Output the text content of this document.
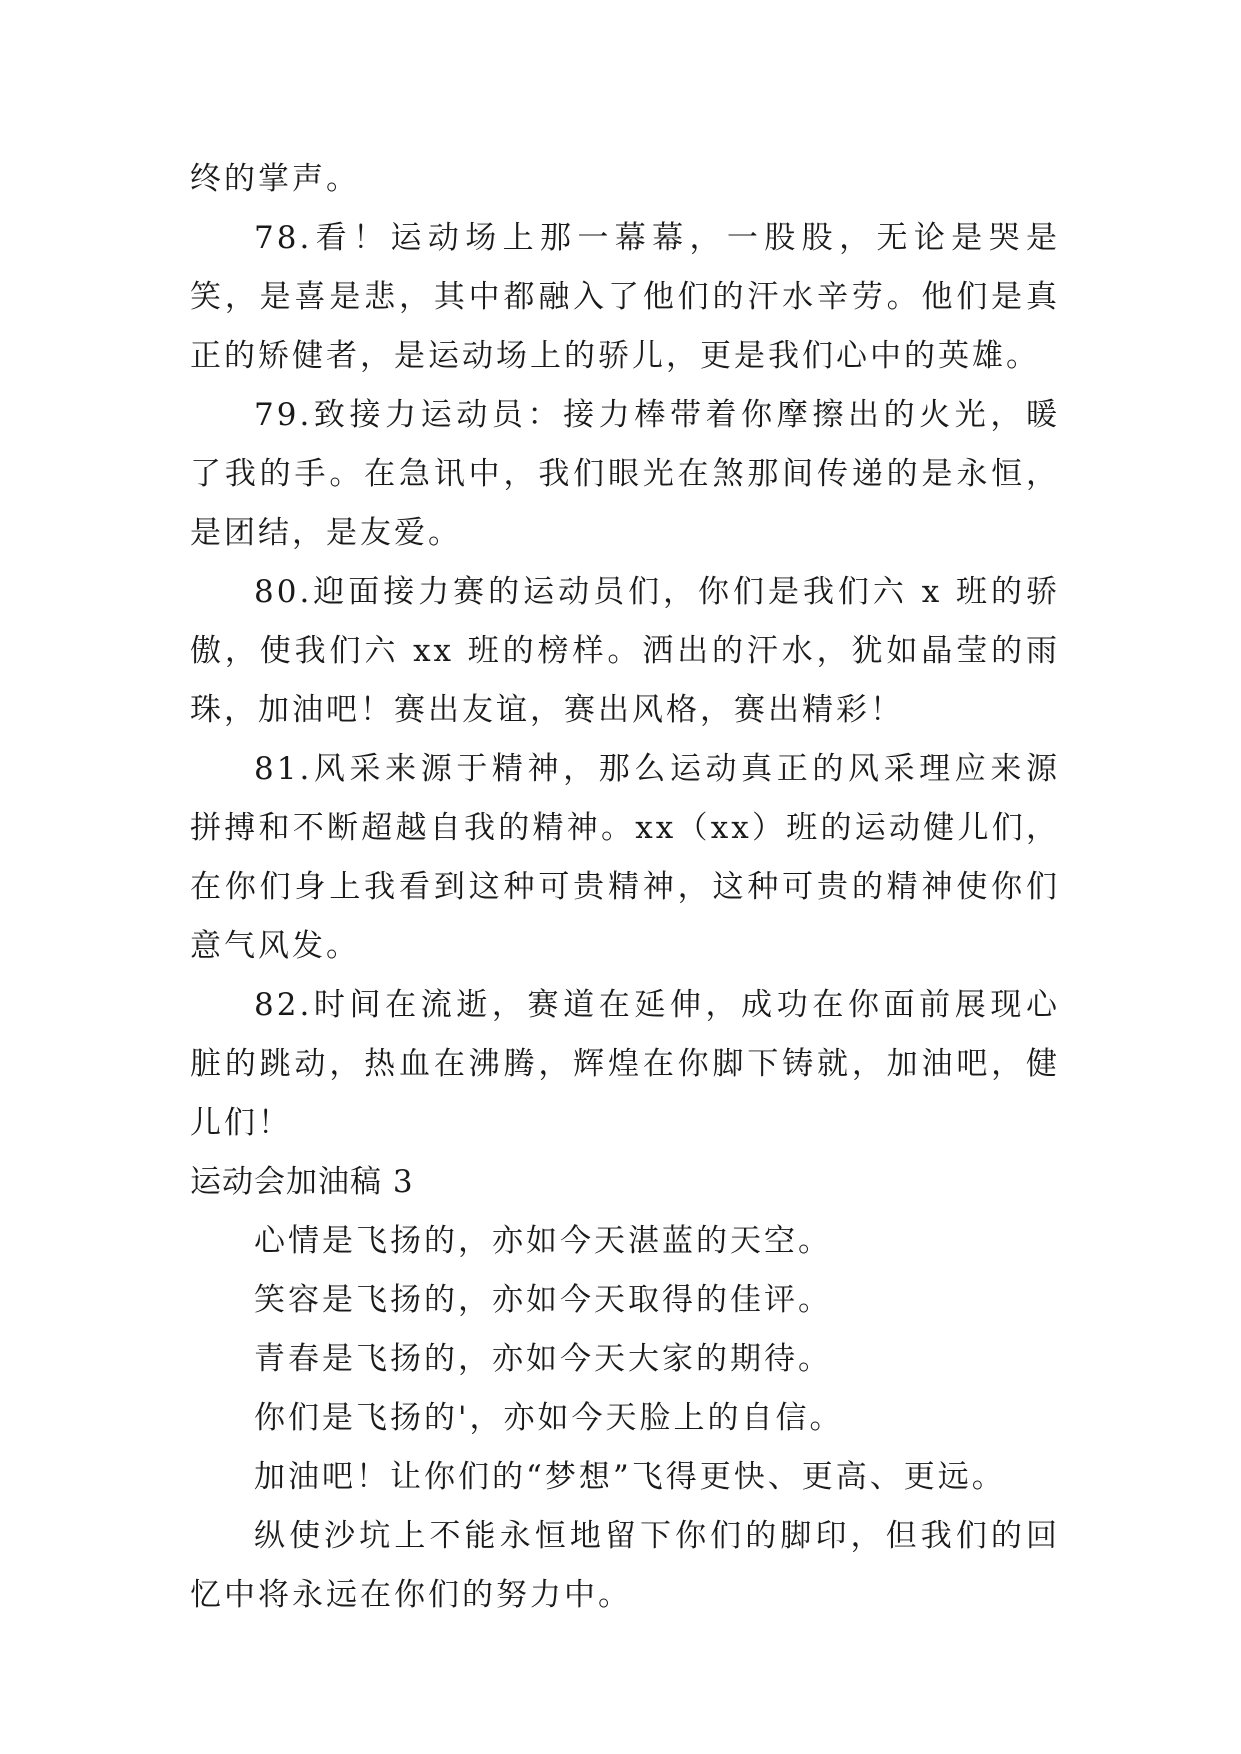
终的掌声。

78.看！运动场上那一幕幕，一股股，无论是哭是笑，是喜是悲，其中都融入了他们的汗水辛劳。他们是真正的矫健者，是运动场上的骄儿，更是我们心中的英雄。

79.致接力运动员：接力棒带着你摩擦出的火光，暖了我的手。在急讯中，我们眼光在煞那间传递的是永恒，是团结，是友爱。

80.迎面接力赛的运动员们，你们是我们六 x 班的骄傲，使我们六 xx 班的榜样。洒出的汗水，犹如晶莹的雨珠，加油吧！赛出友谊，赛出风格，赛出精彩！

81.风采来源于精神，那么运动真正的风采理应来源拼搏和不断超越自我的精神。xx（xx）班的运动健儿们，在你们身上我看到这种可贵精神，这种可贵的精神使你们意气风发。

82.时间在流逝，赛道在延伸，成功在你面前展现心脏的跳动，热血在沸腾，辉煌在你脚下铸就，加油吧，健儿们！

运动会加油稿 3

心情是飞扬的，亦如今天湛蓝的天空。

笑容是飞扬的，亦如今天取得的佳评。

青春是飞扬的，亦如今天大家的期待。

你们是飞扬的'，亦如今天脸上的自信。

加油吧！让你们的“梦想”飞得更快、更高、更远。

纵使沙坑上不能永恒地留下你们的脚印，但我们的回忆中将永远在你们的努力中。
